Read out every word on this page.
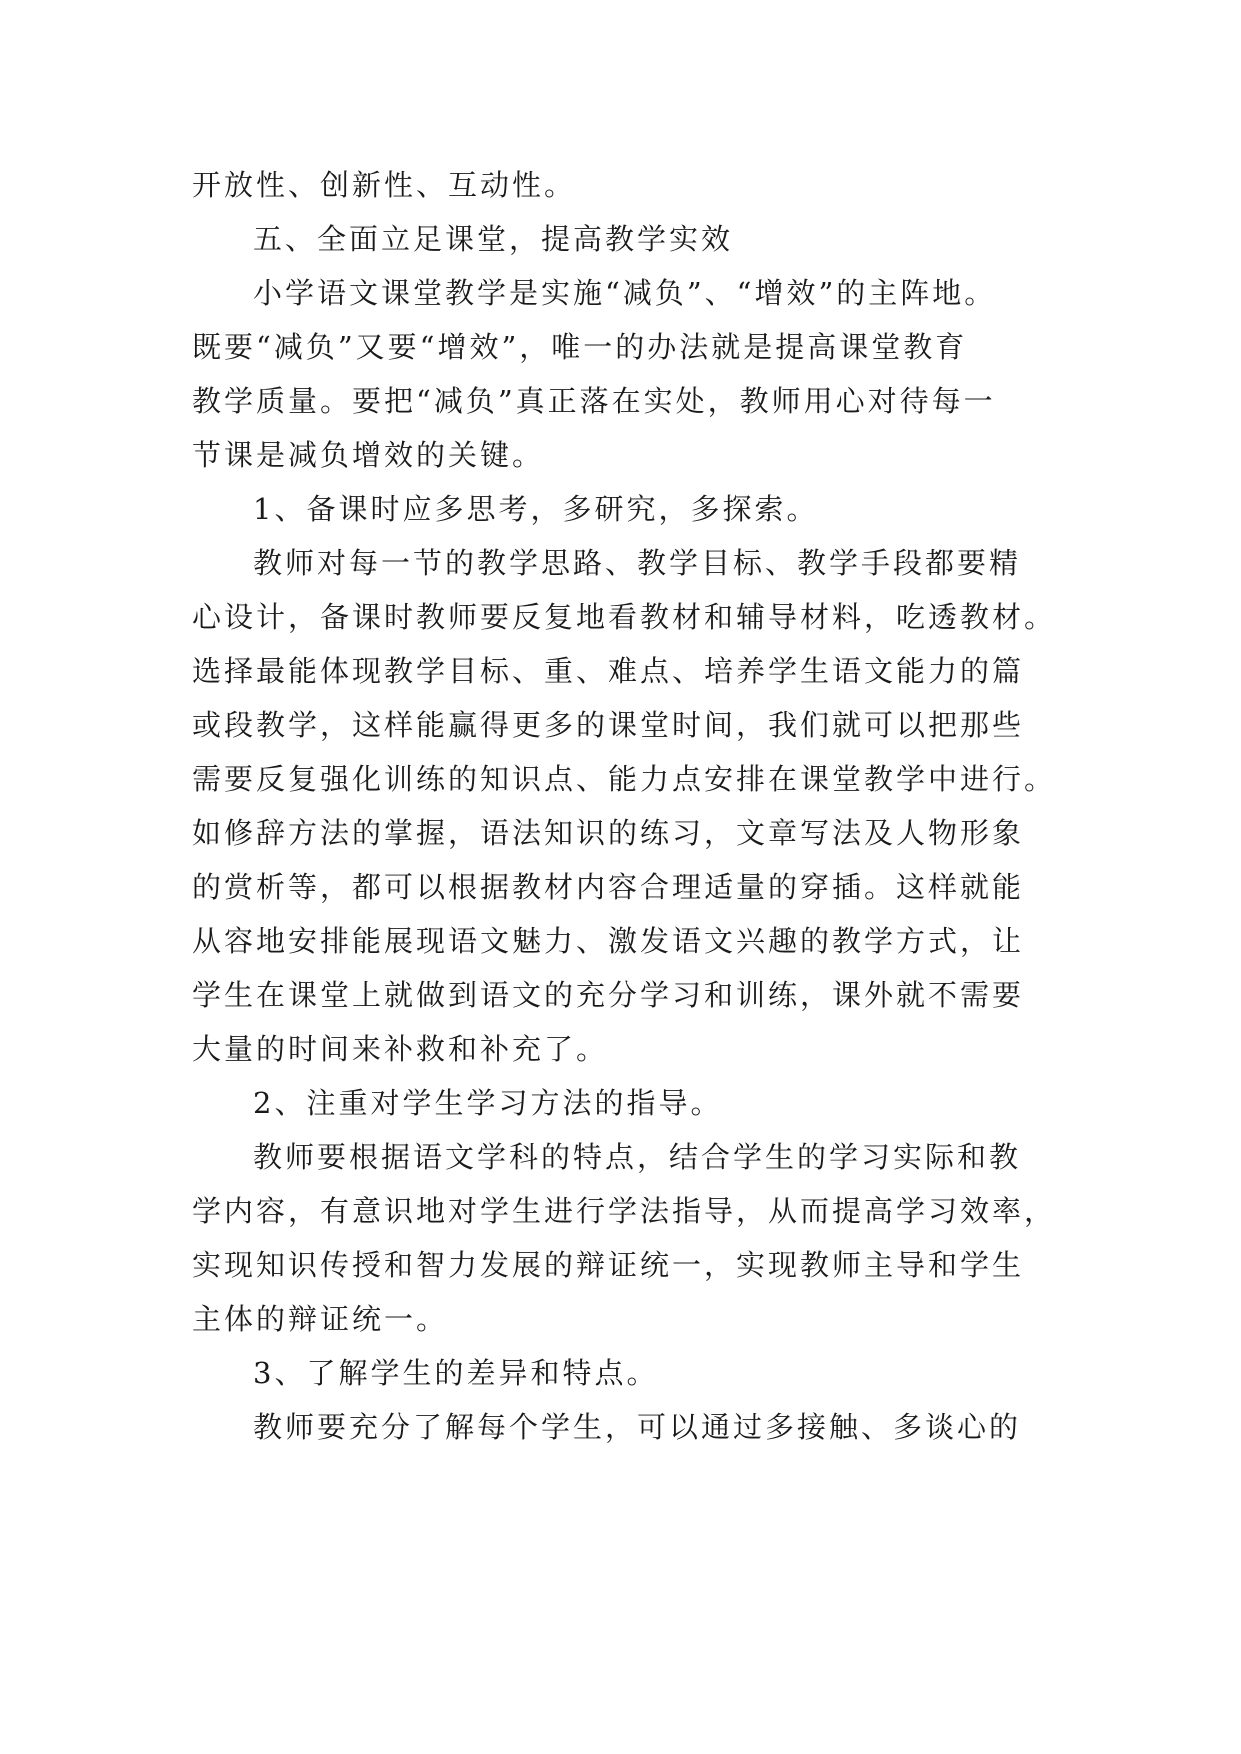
开放性、创新性、互动性。

五、全面立足课堂，提高教学实效

小学语文课堂教学是实施“减负”、“增效”的主阵地。

既要“减负”又要“增效”，唯一的办法就是提高课堂教育

教学质量。要把“减负”真正落在实处，教师用心对待每一

节课是减负增效的关键。

1、备课时应多思考，多研究，多探索。

教师对每一节的教学思路、教学目标、教学手段都要精

心设计，备课时教师要反复地看教材和辅导材料，吃透教材。

选择最能体现教学目标、重、难点、培养学生语文能力的篇

或段教学，这样能赢得更多的课堂时间，我们就可以把那些

需要反复强化训练的知识点、能力点安排在课堂教学中进行。

如修辞方法的掌握，语法知识的练习，文章写法及人物形象

的赏析等，都可以根据教材内容合理适量的穿插。这样就能

从容地安排能展现语文魅力、激发语文兴趣的教学方式，让

学生在课堂上就做到语文的充分学习和训练，课外就不需要

大量的时间来补救和补充了。

2、注重对学生学习方法的指导。

教师要根据语文学科的特点，结合学生的学习实际和教

学内容，有意识地对学生进行学法指导，从而提高学习效率，

实现知识传授和智力发展的辩证统一，实现教师主导和学生

主体的辩证统一。

3、了解学生的差异和特点。

教师要充分了解每个学生，可以通过多接触、多谈心的
